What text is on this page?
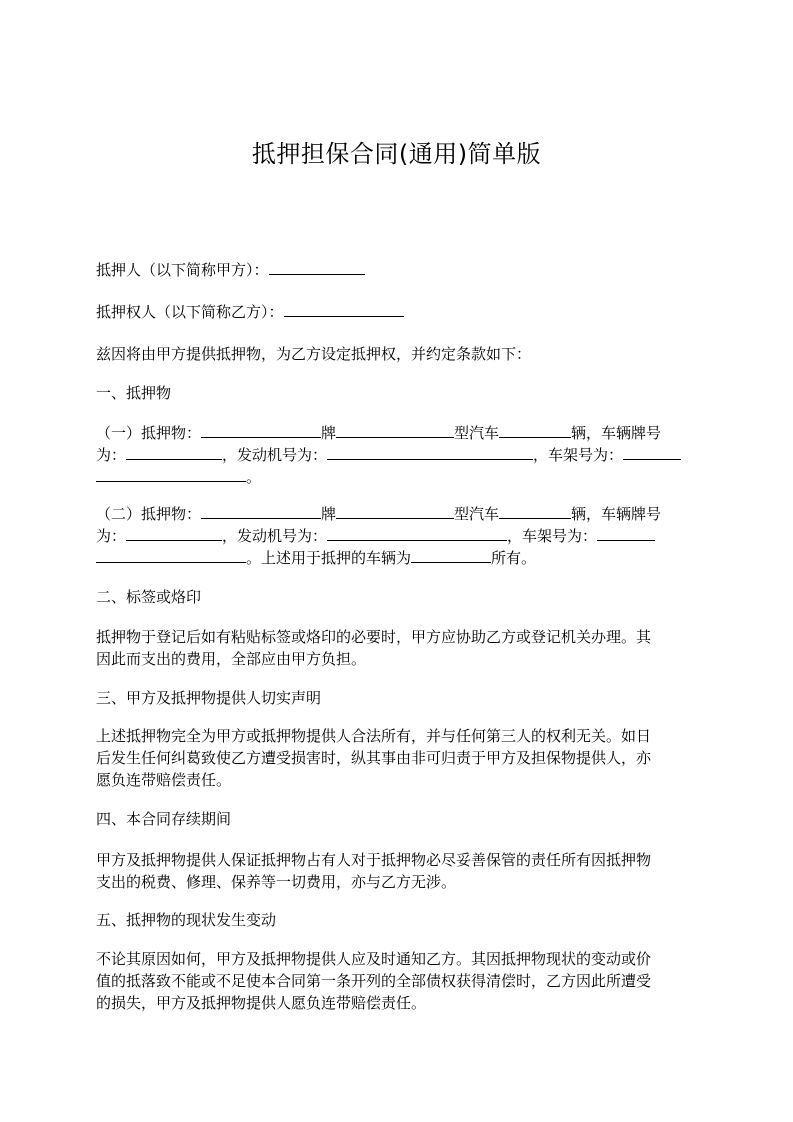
抵押担保合同(通用)简单版
抵押人（以下简称甲方）：
抵押权人（以下简称乙方）：
兹因将由甲方提供抵押物，为乙方设定抵押权，并约定条款如下：
一、抵押物
（一）抵押物：	牌	型汽车	辆，车辆牌号
为：	，发动机号为：	，车架号为：
。
（二）抵押物：	牌	型汽车	辆，车辆牌号
为：	，发动机号为：	，车架号为：
。上述用于抵押的车辆为	所有。
二、标签或烙印
抵押物于登记后如有粘贴标签或烙印的必要时，甲方应协助乙方或登记机关办理。其
因此而支出的费用，全部应由甲方负担。
三、甲方及抵押物提供人切实声明
上述抵押物完全为甲方或抵押物提供人合法所有，并与任何第三人的权利无关。如日
后发生任何纠葛致使乙方遭受损害时，纵其事由非可归责于甲方及担保物提供人，亦
愿负连带赔偿责任。
四、本合同存续期间
甲方及抵押物提供人保证抵押物占有人对于抵押物必尽妥善保管的责任所有因抵押物
支出的税费、修理、保养等一切费用，亦与乙方无涉。
五、抵押物的现状发生变动
不论其原因如何，甲方及抵押物提供人应及时通知乙方。其因抵押物现状的变动或价
值的抵落致不能或不足使本合同第一条开列的全部债权获得清偿时，乙方因此所遭受
的损失，甲方及抵押物提供人愿负连带赔偿责任。
